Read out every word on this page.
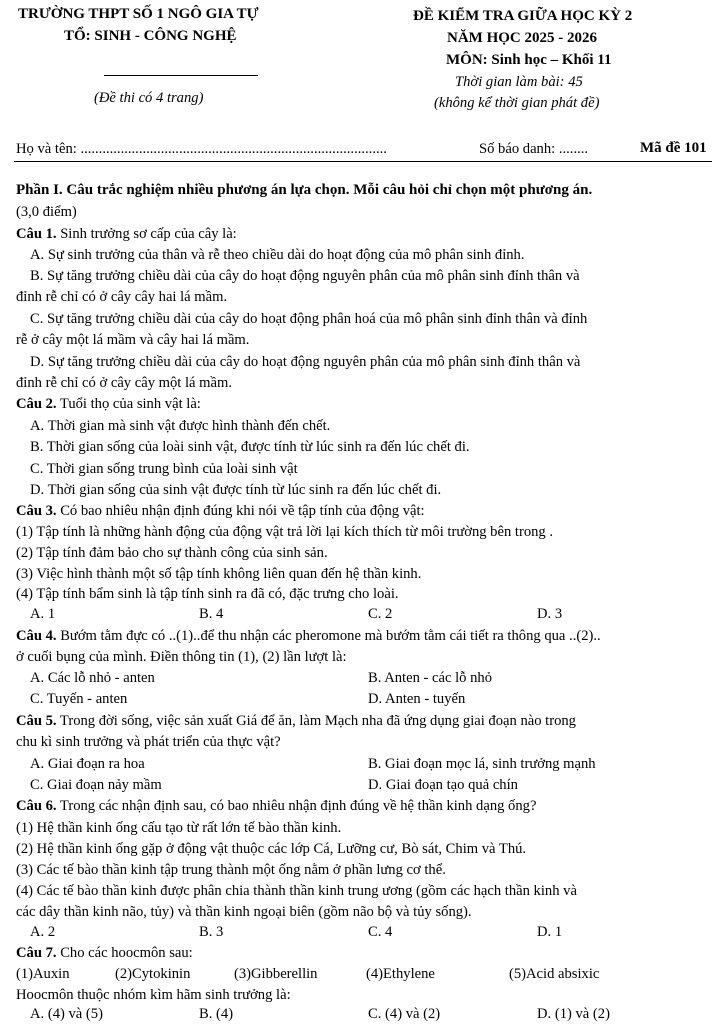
TRƯỜNG THPT SỐ 1 NGÔ GIA TỰ
TỔ: SINH - CÔNG NGHỆ
(Đề thi có 4 trang)
ĐỀ KIỂM TRA GIỮA HỌC KỲ 2
NĂM HỌC 2025 - 2026
MÔN: Sinh học – Khối 11
Thời gian làm bài: 45
(không kể thời gian phát đề)
Họ và tên: ....................................................................................	Số báo danh: ........	Mã đề 101
Phần I. Câu trắc nghiệm nhiều phương án lựa chọn. Mỗi câu hỏi chỉ chọn một phương án.
(3,0 điểm)
Câu 1. Sinh trưởng sơ cấp của cây là:
A. Sự sinh trưởng của thân và rễ theo chiều dài do hoạt động của mô phân sinh đỉnh.
B. Sự tăng trưởng chiều dài của cây do hoạt động nguyên phân của mô phân sinh đỉnh thân và
đỉnh rễ chỉ có ở cây cây hai lá mầm.
C. Sự tăng trưởng chiều dài của cây do hoạt động phân hoá của mô phân sinh đỉnh thân và đỉnh
rễ ở cây một lá mầm và cây hai lá mầm.
D. Sự tăng trưởng chiều dài của cây do hoạt động nguyên phân của mô phân sinh đỉnh thân và
đỉnh rễ chỉ có ở cây cây một lá mầm.
Câu 2. Tuổi thọ của sinh vật là:
A. Thời gian mà sinh vật được hình thành đến chết.
B. Thời gian sống của loài sinh vật, được tính từ lúc sinh ra đến lúc chết đi.
C. Thời gian sống trung bình của loài sinh vật
D. Thời gian sống của sinh vật được tính từ lúc sinh ra đến lúc chết đi.
Câu 3. Có bao nhiêu nhận định đúng khi nói về tập tính của động vật:
(1) Tập tính là những hành động của động vật trả lời lại kích thích từ môi trường bên trong .
(2) Tập tính đảm bảo cho sự thành công của sinh sản.
(3) Việc hình thành một số tập tính không liên quan đến hệ thần kinh.
(4) Tập tính bẩm sinh là tập tính sinh ra đã có, đặc trưng cho loài.
A. 1	B. 4	C. 2	D. 3
Câu 4. Bướm tằm đực có ..(1)..để thu nhận các pheromone mà bướm tằm cái tiết ra thông qua ..(2)..
ở cuối bụng của mình. Điền thông tin (1), (2) lần lượt là:
A. Các lỗ nhỏ - anten	B. Anten - các lỗ nhỏ
C. Tuyến - anten	D. Anten - tuyến
Câu 5. Trong đời sống, việc sản xuất Giá để ăn, làm Mạch nha đã ứng dụng giai đoạn nào trong
chu kì sinh trưởng và phát triển của thực vật?
A. Giai đoạn ra hoa	B. Giai đoạn mọc lá, sinh trưởng mạnh
C. Giai đoạn nảy mầm	D. Giai đoạn tạo quả chín
Câu 6. Trong các nhận định sau, có bao nhiêu nhận định đúng về hệ thần kinh dạng ống?
(1) Hệ thần kinh ống cấu tạo từ rất lớn tế bào thần kinh.
(2) Hệ thần kinh ống gặp ở động vật thuộc các lớp Cá, Lưỡng cư, Bò sát, Chim và Thú.
(3) Các tế bào thần kinh tập trung thành một ống nằm ở phần lưng cơ thể.
(4) Các tế bào thần kinh được phân chia thành thần kinh trung ương (gồm các hạch thần kinh và
các dây thần kinh não, tủy) và thần kinh ngoại biên (gồm não bộ và tủy sống).
A. 2	B. 3	C. 4	D. 1
Câu 7. Cho các hoocmôn sau:
(1)Auxin	(2)Cytokinin	(3)Gibberellin	(4)Ethylene	(5)Acid absixic
Hoocmôn thuộc nhóm kìm hãm sinh trưởng là:
A. (4) và (5)	B. (4)	C. (4) và (2)	D. (1) và (2)
